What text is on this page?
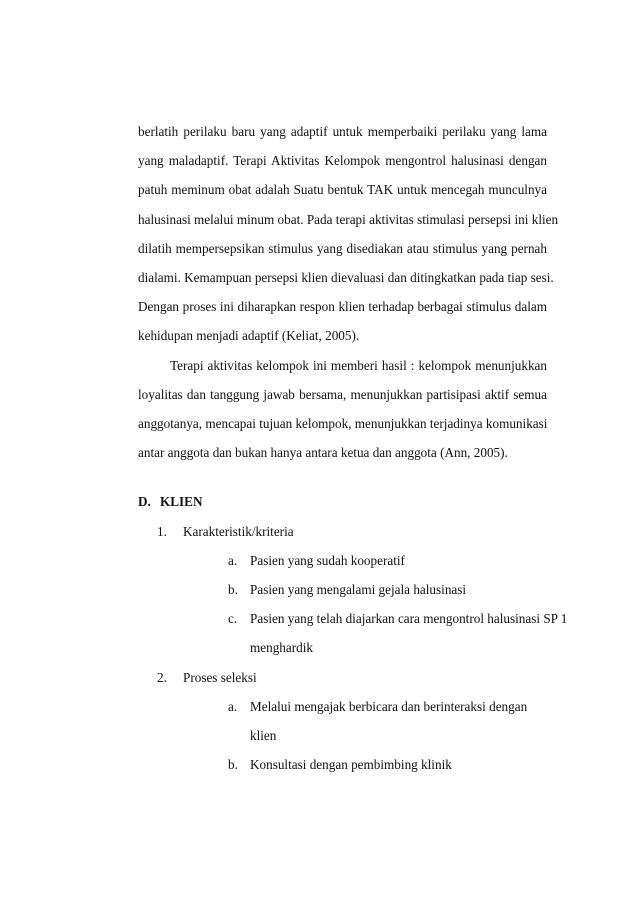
berlatih perilaku baru yang adaptif untuk memperbaiki perilaku yang lama
yang maladaptif. Terapi Aktivitas Kelompok mengontrol halusinasi dengan
patuh meminum obat adalah Suatu bentuk TAK untuk mencegah munculnya
halusinasi melalui minum obat. Pada terapi aktivitas stimulasi persepsi ini klien
dilatih mempersepsikan stimulus yang disediakan atau stimulus yang pernah
dialami. Kemampuan persepsi klien dievaluasi dan ditingkatkan pada tiap sesi.
Dengan proses ini diharapkan respon klien terhadap berbagai stimulus dalam
kehidupan menjadi adaptif (Keliat, 2005).

Terapi aktivitas kelompok ini memberi hasil : kelompok menunjukkan
loyalitas dan tanggung jawab bersama, menunjukkan partisipasi aktif semua
anggotanya, mencapai tujuan kelompok, menunjukkan terjadinya komunikasi
antar anggota dan bukan hanya antara ketua dan anggota (Ann, 2005).

D. KLIEN
1. Karakteristik/kriteria
a. Pasien yang sudah kooperatif
b. Pasien yang mengalami gejala halusinasi
c. Pasien yang telah diajarkan cara mengontrol halusinasi SP 1
menghardik
2. Proses seleksi
a. Melalui mengajak berbicara dan berinteraksi dengan klien
b. Konsultasi dengan pembimbing klinik
